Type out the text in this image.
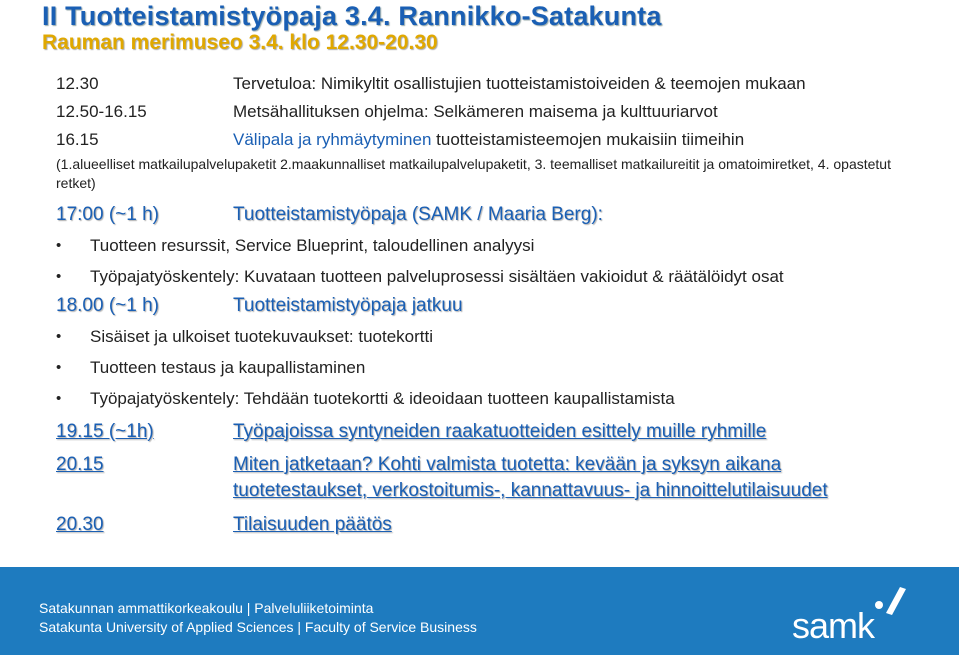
II Tuotteistamistyöpaja 3.4. Rannikko-Satakunta
Rauman merimuseo 3.4. klo 12.30-20.30
12.30	Tervetuloa: Nimikyltit osallistujien tuotteistamistoiveiden & teemojen mukaan
12.50-16.15	Metsähallituksen ohjelma: Selkämeren maisema ja kulttuuriarvot
16.15	Välipala ja ryhmäytyminen tuotteistamisteemojen mukaisiin tiimeihin
(1.alueelliset matkailupalvelupaketit 2.maakunnalliset matkailupalvelupaketit, 3. teemalliset matkailureitit ja omatoimiretket, 4. opastetut retket)
17:00 (~1 h)	Tuotteistamistyöpaja (SAMK / Maaria Berg):
• Tuotteen resurssit, Service Blueprint, taloudellinen analyysi
• Työpajatyöskentely: Kuvataan tuotteen palveluprosessi sisältäen vakioidut & räätälöidyt osat
18.00 (~1 h)	Tuotteistamistyöpaja jatkuu
• Sisäiset ja ulkoiset tuotekuvaukset: tuotekortti
• Tuotteen testaus ja kaupallistaminen
• Työpajatyöskentely: Tehdään tuotekortti & ideoidaan tuotteen kaupallistamista
19.15 (~1h)	Työpajoissa syntyneiden raakatuotteiden esittely muille ryhmille
20.15	Miten jatketaan? Kohti valmista tuotetta: kevään ja syksyn aikana tuotetestaukset, verkostoitumis-, kannattavuus- ja hinnoittelutilaisuudet
20.30	Tilaisuuden päätös
Satakunnan ammattikorkeakoulu | Palveluliiketoiminta
Satakunta University of Applied Sciences | Faculty of Service Business	samk
